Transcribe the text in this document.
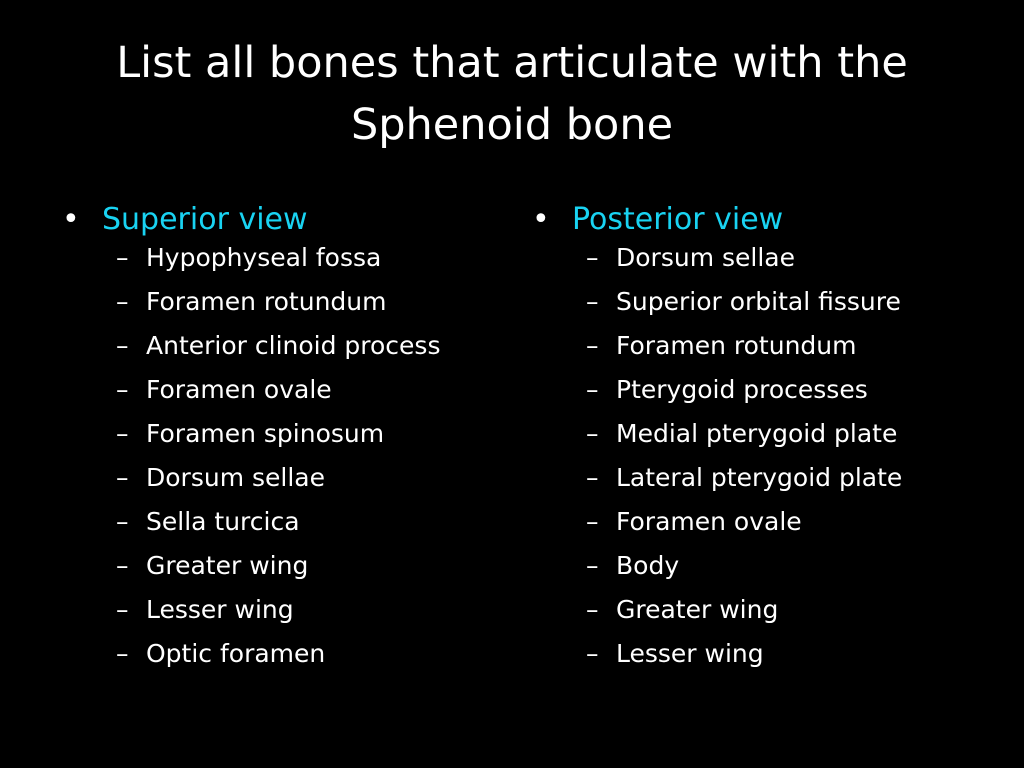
List all bones that articulate with the
Sphenoid bone
• Superior view
– Hypophyseal fossa
– Foramen rotundum
– Anterior clinoid process
– Foramen ovale
– Foramen spinosum
– Dorsum sellae
– Sella turcica
– Greater wing
– Lesser wing
– Optic foramen
• Posterior view
– Dorsum sellae
– Superior orbital fissure
– Foramen rotundum
– Pterygoid processes
– Medial pterygoid plate
– Lateral pterygoid plate
– Foramen ovale
– Body
– Greater wing
– Lesser wing
